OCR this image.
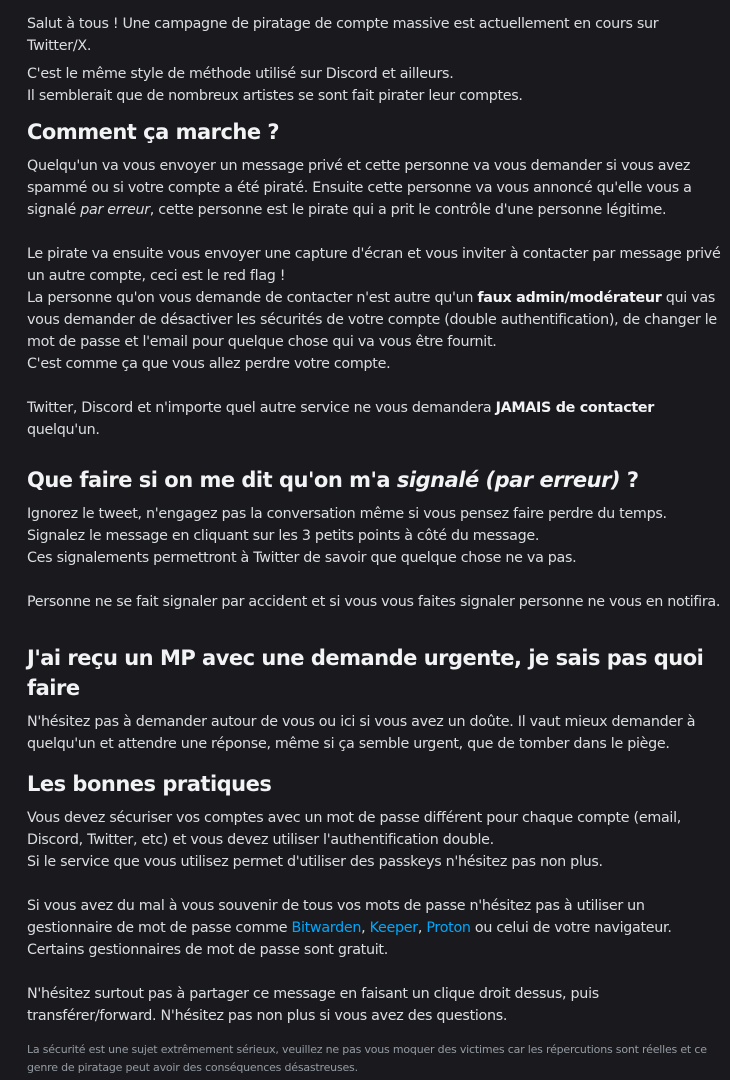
Salut à tous ! Une campagne de piratage de compte massive est actuellement en cours sur Twitter/X.

C'est le même style de méthode utilisé sur Discord et ailleurs.

Il semblerait que de nombreux artistes se sont fait pirater leur comptes.

Comment ça marche ?

Quelqu'un va vous envoyer un message privé et cette personne va vous demander si vous avez spammé ou si votre compte a été piraté. Ensuite cette personne va vous annoncé qu'elle vous a signalé par erreur, cette personne est le pirate qui a prit le contrôle d'une personne légitime.

Le pirate va ensuite vous envoyer une capture d'écran et vous inviter à contacter par message privé un autre compte, ceci est le red flag !

La personne qu'on vous demande de contacter n'est autre qu'un faux admin/modérateur qui vas vous demander de désactiver les sécurités de votre compte (double authentification), de changer le mot de passe et l'email pour quelque chose qui va vous être fournit.

C'est comme ça que vous allez perdre votre compte.

Twitter, Discord et n'importe quel autre service ne vous demandera JAMAIS de contacter quelqu'un.

Que faire si on me dit qu'on m'a signalé (par erreur) ?

Ignorez le tweet, n'engagez pas la conversation même si vous pensez faire perdre du temps.

Signalez le message en cliquant sur les 3 petits points à côté du message.

Ces signalements permettront à Twitter de savoir que quelque chose ne va pas.

Personne ne se fait signaler par accident et si vous vous faites signaler personne ne vous en notifira.

J'ai reçu un MP avec une demande urgente, je sais pas quoi faire

N'hésitez pas à demander autour de vous ou ici si vous avez un doûte. Il vaut mieux demander à quelqu'un et attendre une réponse, même si ça semble urgent, que de tomber dans le piège.

Les bonnes pratiques

Vous devez sécuriser vos comptes avec un mot de passe différent pour chaque compte (email, Discord, Twitter, etc) et vous devez utiliser l'authentification double.

Si le service que vous utilisez permet d'utiliser des passkeys n'hésitez pas non plus.

Si vous avez du mal à vous souvenir de tous vos mots de passe n'hésitez pas à utiliser un gestionnaire de mot de passe comme Bitwarden, Keeper, Proton ou celui de votre navigateur.

Certains gestionnaires de mot de passe sont gratuit.

N'hésitez surtout pas à partager ce message en faisant un clique droit dessus, puis transférer/forward. N'hésitez pas non plus si vous avez des questions.

La sécurité est une sujet extrêmement sérieux, veuillez ne pas vous moquer des victimes car les répercutions sont réelles et ce genre de piratage peut avoir des conséquences désastreuses.
